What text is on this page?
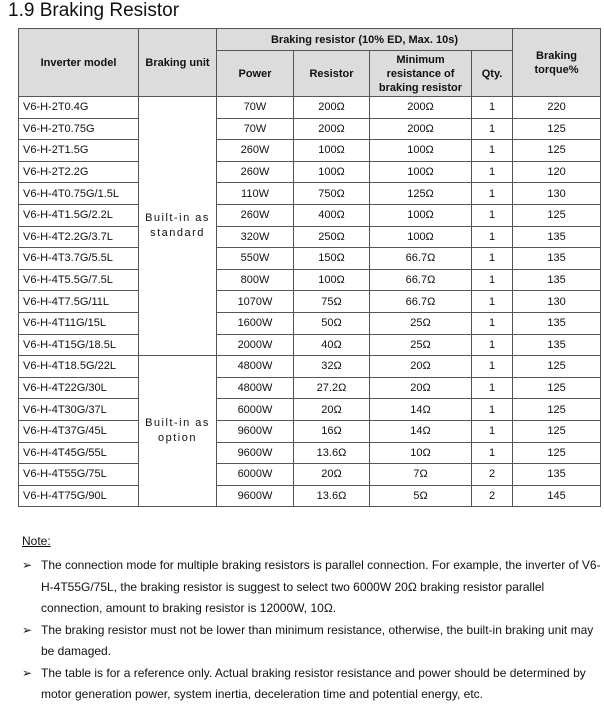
1.9 Braking Resistor
Inverter model	Braking unit	Braking resistor (10% ED, Max. 10s)				Braking torque%
		Power	Resistor	Minimum resistance of braking resistor	Qty.	
V6-H-2T0.4G	Built-in as standard	70W	200Ω	200Ω	1	220
V6-H-2T0.75G		70W	200Ω	200Ω	1	125
V6-H-2T1.5G		260W	100Ω	100Ω	1	125
V6-H-2T2.2G		260W	100Ω	100Ω	1	120
V6-H-4T0.75G/1.5L		110W	750Ω	125Ω	1	130
V6-H-4T1.5G/2.2L		260W	400Ω	100Ω	1	125
V6-H-4T2.2G/3.7L		320W	250Ω	100Ω	1	135
V6-H-4T3.7G/5.5L		550W	150Ω	66.7Ω	1	135
V6-H-4T5.5G/7.5L		800W	100Ω	66.7Ω	1	135
V6-H-4T7.5G/11L		1070W	75Ω	66.7Ω	1	130
V6-H-4T11G/15L		1600W	50Ω	25Ω	1	135
V6-H-4T15G/18.5L		2000W	40Ω	25Ω	1	135
V6-H-4T18.5G/22L	Built-in as option	4800W	32Ω	20Ω	1	125
V6-H-4T22G/30L		4800W	27.2Ω	20Ω	1	125
V6-H-4T30G/37L		6000W	20Ω	14Ω	1	125
V6-H-4T37G/45L		9600W	16Ω	14Ω	1	125
V6-H-4T45G/55L		9600W	13.6Ω	10Ω	1	125
V6-H-4T55G/75L		6000W	20Ω	7Ω	2	135
V6-H-4T75G/90L		9600W	13.6Ω	5Ω	2	145
Note:
➢ The connection mode for multiple braking resistors is parallel connection. For example, the inverter of V6-H-4T55G/75L, the braking resistor is suggest to select two 6000W 20Ω braking resistor parallel connection, amount to braking resistor is 12000W, 10Ω.
➢ The braking resistor must not be lower than minimum resistance, otherwise, the built-in braking unit may be damaged.
➢ The table is for a reference only. Actual braking resistor resistance and power should be determined by motor generation power, system inertia, deceleration time and potential energy, etc.
